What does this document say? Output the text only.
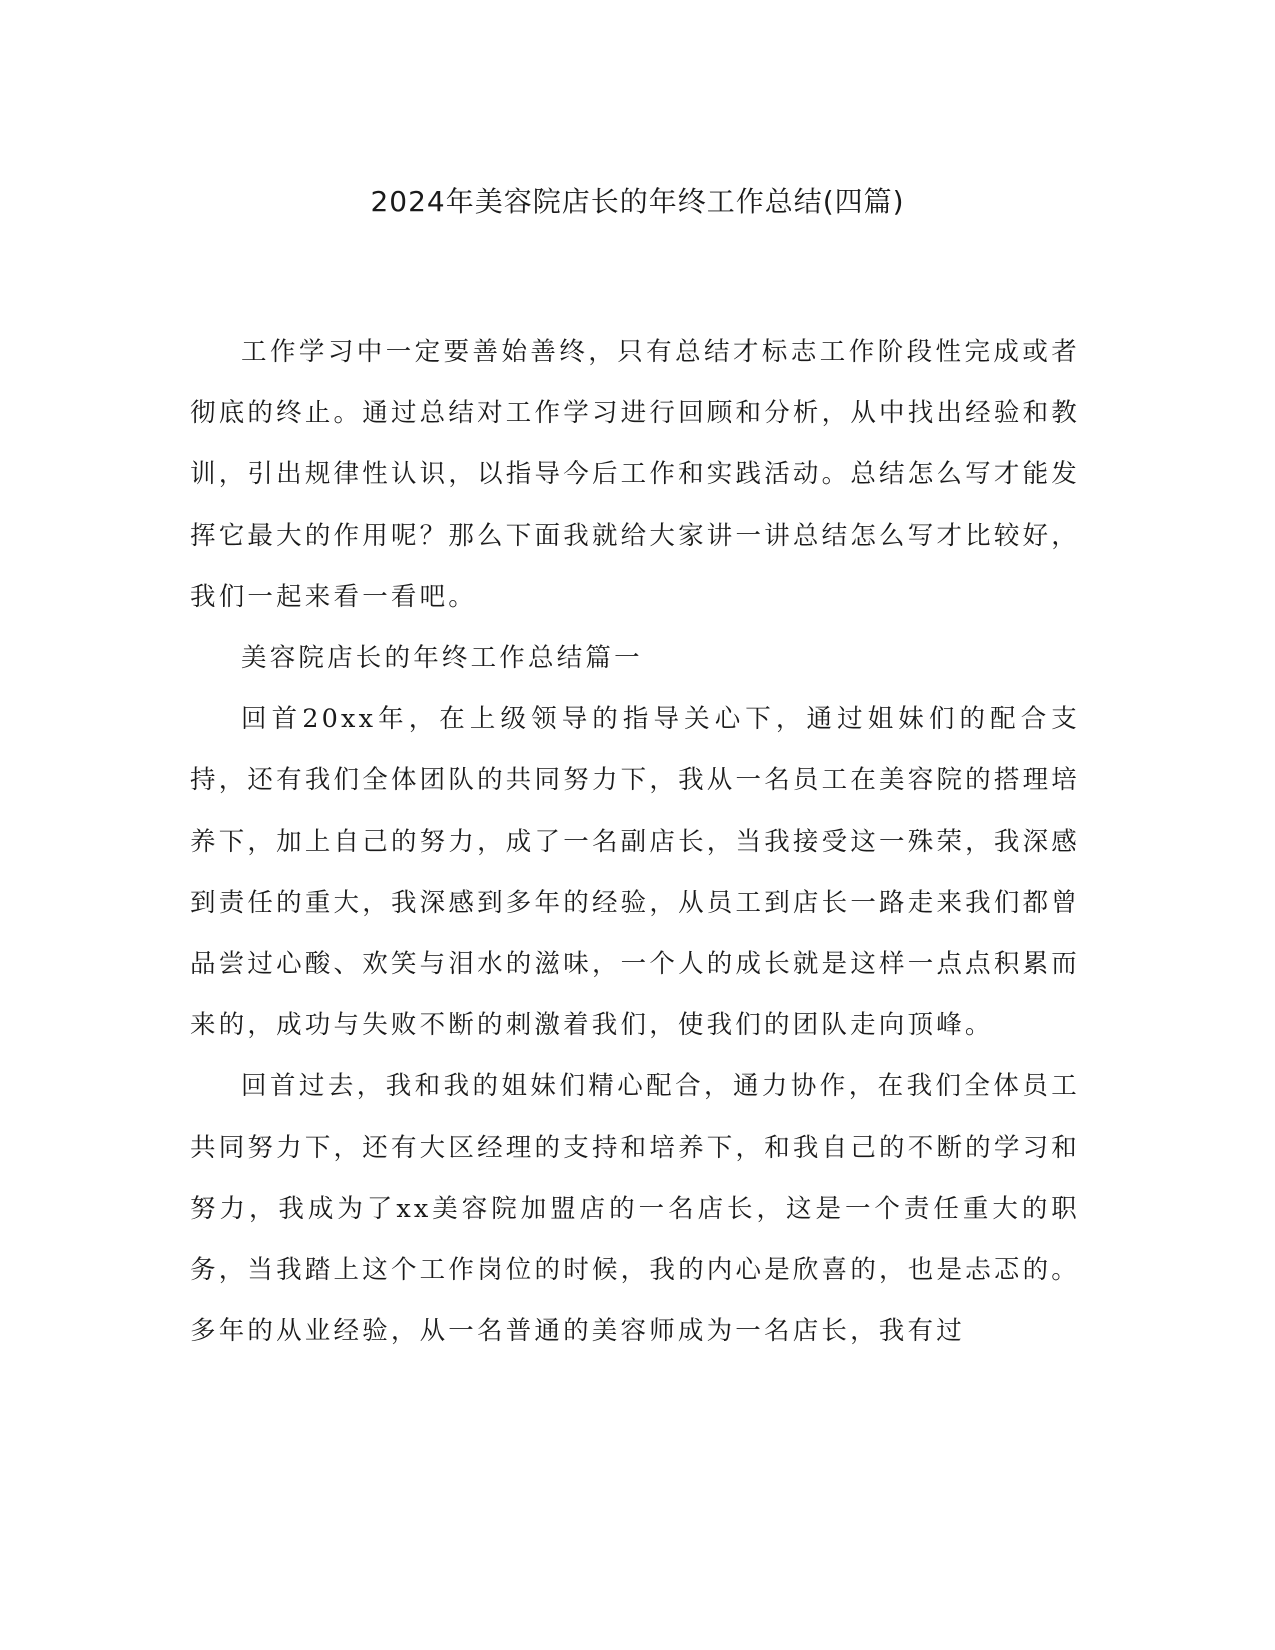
2024年美容院店长的年终工作总结(四篇)

工作学习中一定要善始善终，只有总结才标志工作阶段性完成或者彻底的终止。通过总结对工作学习进行回顾和分析，从中找出经验和教训，引出规律性认识，以指导今后工作和实践活动。总结怎么写才能发挥它最大的作用呢？那么下面我就给大家讲一讲总结怎么写才比较好，我们一起来看一看吧。

美容院店长的年终工作总结篇一

回首20xx年，在上级领导的指导关心下，通过姐妹们的配合支持，还有我们全体团队的共同努力下，我从一名员工在美容院的搭理培养下，加上自己的努力，成了一名副店长，当我接受这一殊荣，我深感到责任的重大，我深感到多年的经验，从员工到店长一路走来我们都曾品尝过心酸、欢笑与泪水的滋味，一个人的成长就是这样一点点积累而来的，成功与失败不断的刺激着我们，使我们的团队走向顶峰。

回首过去，我和我的姐妹们精心配合，通力协作，在我们全体员工共同努力下，还有大区经理的支持和培养下，和我自己的不断的学习和努力，我成为了xx美容院加盟店的一名店长，这是一个责任重大的职务，当我踏上这个工作岗位的时候，我的内心是欣喜的，也是忐忑的。多年的从业经验，从一名普通的美容师成为一名店长，我有过
